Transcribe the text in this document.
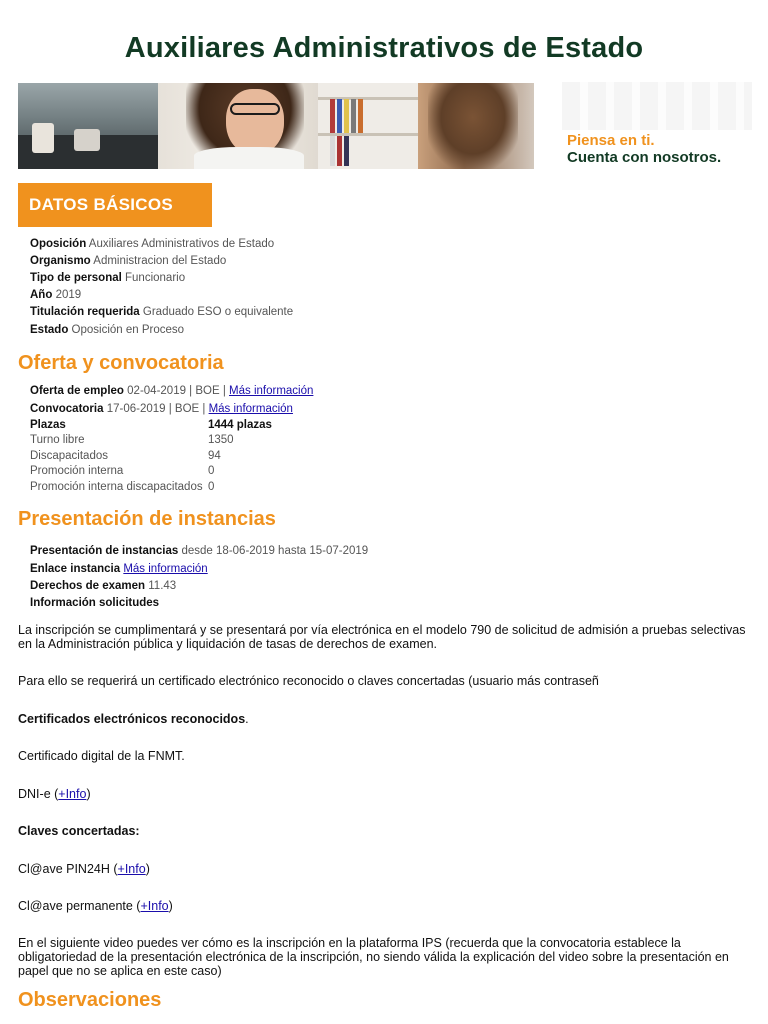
Auxiliares Administrativos de Estado
Piensa en ti.
Cuenta con nosotros.
DATOS BÁSICOS
Oposición Auxiliares Administrativos de Estado
Organismo Administracion del Estado
Tipo de personal Funcionario
Año 2019
Titulación requerida Graduado ESO o equivalente
Estado Oposición en Proceso
Oferta y convocatoria
Oferta de empleo 02-04-2019 | BOE | Más información
Convocatoria 17-06-2019 | BOE | Más información
Plazas	1444 plazas
Turno libre	1350
Discapacitados	94
Promoción interna	0
Promoción interna discapacitados 0
Presentación de instancias
Presentación de instancias desde 18-06-2019 hasta 15-07-2019
Enlace instancia Más información
Derechos de examen 11.43
Información solicitudes
La inscripción se cumplimentará y se presentará por vía electrónica en el modelo 790 de solicitud de admisión a pruebas selectivas en la Administración pública y liquidación de tasas de derechos de examen.
Para ello se requerirá un certificado electrónico reconocido o claves concertadas (usuario más contraseñ
Certificados electrónicos reconocidos.
Certificado digital de la FNMT.
DNI-e (+Info)
Claves concertadas:
Cl@ave PIN24H (+Info)
Cl@ave permanente (+Info)
En el siguiente video puedes ver cómo es la inscripción en la plataforma IPS (recuerda que la convocatoria establece la obligatoriedad de la presentación electrónica de la inscripción, no siendo válida la explicación del video sobre la presentación en papel que no se aplica en este caso)
Observaciones
